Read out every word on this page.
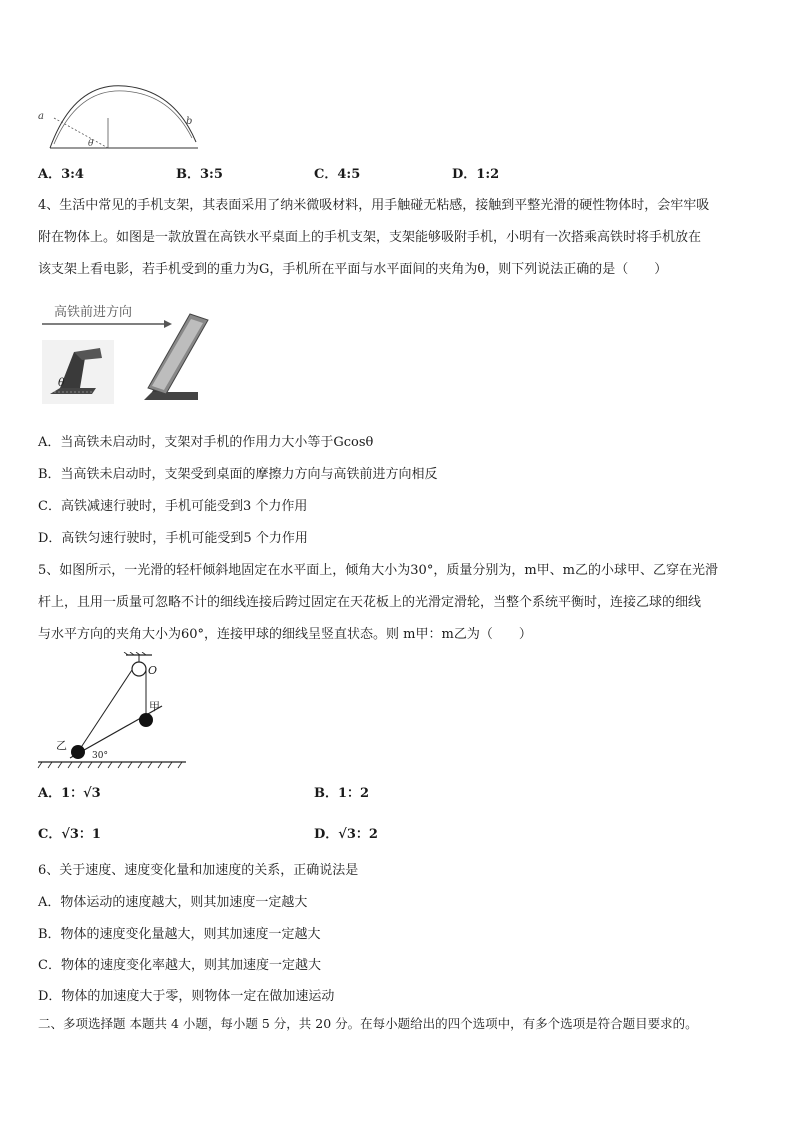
a	b
θ
A．3:4	B．3:5	C．4:5	D．1:2
4、生活中常见的手机支架，其表面采用了纳米微吸材料，用手触碰无粘感，接触到平整光滑的硬性物体时，会牢牢吸
附在物体上。如图是一款放置在高铁水平桌面上的手机支架，支架能够吸附手机，小明有一次搭乘高铁时将手机放在
该支架上看电影，若手机受到的重力为G，手机所在平面与水平面间的夹角为θ，则下列说法正确的是（　　）
高铁前进方向
θ
A．当高铁未启动时，支架对手机的作用力大小等于Gcosθ
B．当高铁未启动时，支架受到桌面的摩擦力方向与高铁前进方向相反
C．高铁减速行驶时，手机可能受到3 个力作用
D．高铁匀速行驶时，手机可能受到5 个力作用
5、如图所示，一光滑的轻杆倾斜地固定在水平面上，倾角大小为30°，质量分别为，m甲、m乙的小球甲、乙穿在光滑
杆上，且用一质量可忽略不计的细线连接后跨过固定在天花板上的光滑定滑轮，当整个系统平衡时，连接乙球的细线
与水平方向的夹角大小为60°，连接甲球的细线呈竖直状态。则 m甲：m乙为（　　）
O
甲
乙
30°
A．1：√3	B．1：2
C．√3：1	D．√3：2
6、关于速度、速度变化量和加速度的关系，正确说法是
A．物体运动的速度越大，则其加速度一定越大
B．物体的速度变化量越大，则其加速度一定越大
C．物体的速度变化率越大，则其加速度一定越大
D．物体的加速度大于零，则物体一定在做加速运动
二、多项选择题 本题共 4 小题，每小题 5 分，共 20 分。在每小题给出的四个选项中，有多个选项是符合题目要求的。
